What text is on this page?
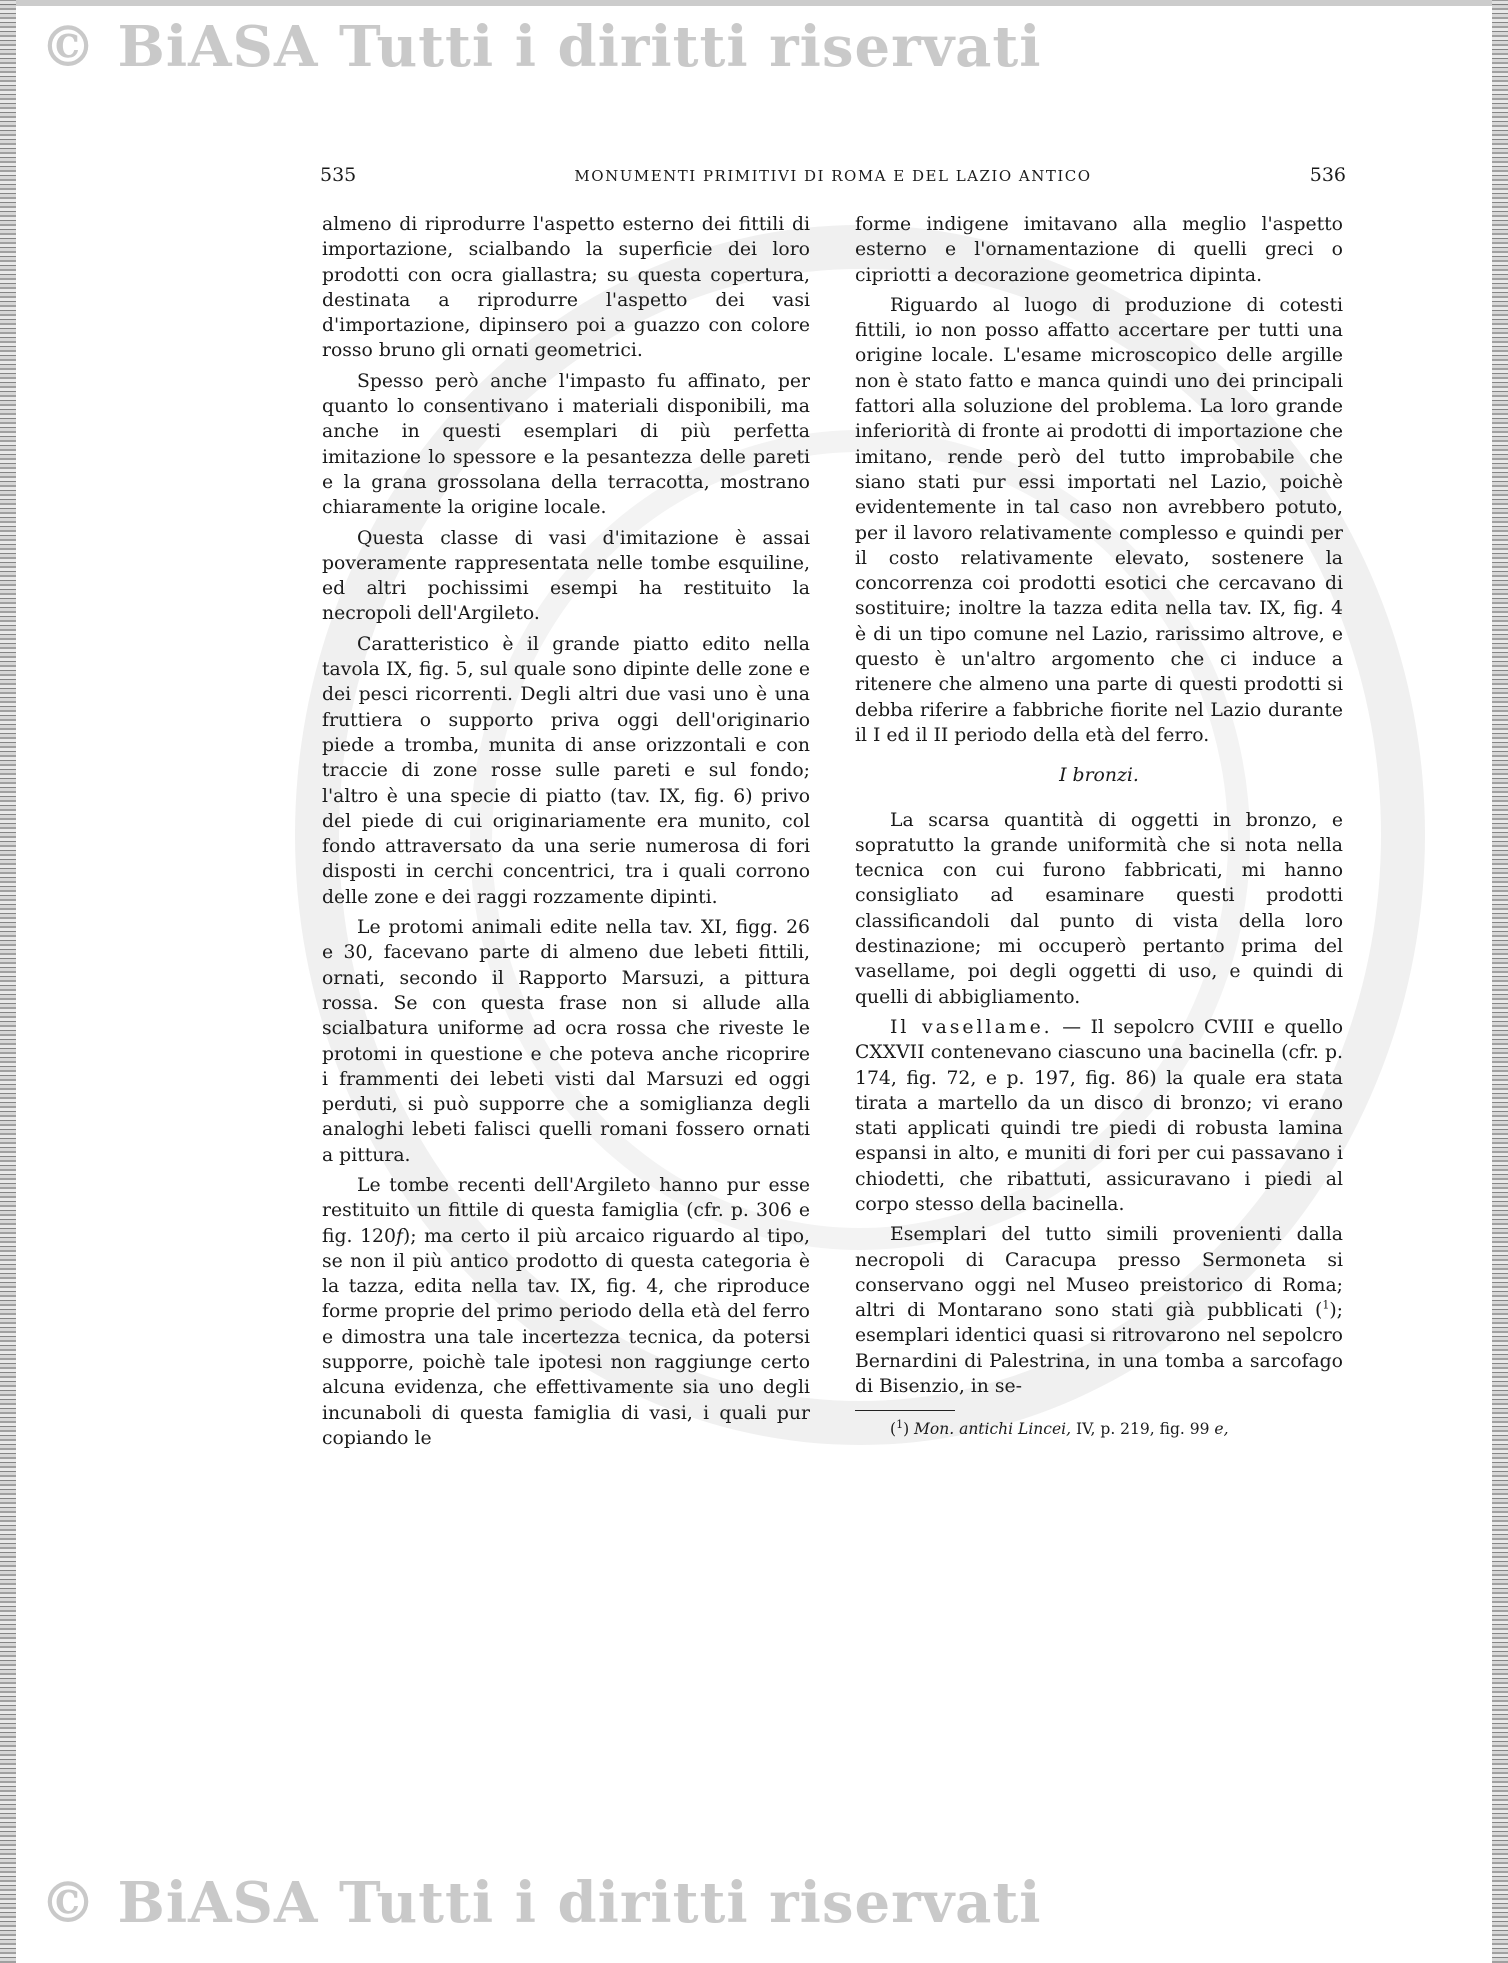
© BiASA Tutti i diritti riservati
535	MONUMENTI PRIMITIVI DI ROMA E DEL LAZIO ANTICO	536

almeno di riprodurre l'aspetto esterno dei fittili di importazione, scialbando la superficie dei loro prodotti con ocra giallastra; su questa copertura, destinata a riprodurre l'aspetto dei vasi d'importazione, dipinsero poi a guazzo con colore rosso bruno gli ornati geometrici.

Spesso però anche l'impasto fu affinato, per quanto lo consentivano i materiali disponibili, ma anche in questi esemplari di più perfetta imitazione lo spessore e la pesantezza delle pareti e la grana grossolana della terracotta, mostrano chiaramente la origine locale.

Questa classe di vasi d'imitazione è assai poveramente rappresentata nelle tombe esquiline, ed altri pochissimi esempi ha restituito la necropoli dell'Argileto.

Caratteristico è il grande piatto edito nella tavola IX, fig. 5, sul quale sono dipinte delle zone e dei pesci ricorrenti. Degli altri due vasi uno è una fruttiera o supporto priva oggi dell'originario piede a tromba, munita di anse orizzontali e con traccie di zone rosse sulle pareti e sul fondo; l'altro è una specie di piatto (tav. IX, fig. 6) privo del piede di cui originariamente era munito, col fondo attraversato da una serie numerosa di fori disposti in cerchi concentrici, tra i quali corrono delle zone e dei raggi rozzamente dipinti.

Le protomi animali edite nella tav. XI, figg. 26 e 30, facevano parte di almeno due lebeti fittili, ornati, secondo il Rapporto Marsuzi, a pittura rossa. Se con questa frase non si allude alla scialbatura uniforme ad ocra rossa che riveste le protomi in questione e che poteva anche ricoprire i frammenti dei lebeti visti dal Marsuzi ed oggi perduti, si può supporre che a somiglianza degli analoghi lebeti falisci quelli romani fossero ornati a pittura.

Le tombe recenti dell'Argileto hanno pur esse restituito un fittile di questa famiglia (cfr. p. 306 e fig. 120f); ma certo il più arcaico riguardo al tipo, se non il più antico prodotto di questa categoria è la tazza, edita nella tav. IX, fig. 4, che riproduce forme proprie del primo periodo della età del ferro e dimostra una tale incertezza tecnica, da potersi supporre, poichè tale ipotesi non raggiunge certo alcuna evidenza, che effettivamente sia uno degli incunaboli di questa famiglia di vasi, i quali pur copiando le

forme indigene imitavano alla meglio l'aspetto esterno e l'ornamentazione di quelli greci o cipriotti a decorazione geometrica dipinta.

Riguardo al luogo di produzione di cotesti fittili, io non posso affatto accertare per tutti una origine locale. L'esame microscopico delle argille non è stato fatto e manca quindi uno dei principali fattori alla soluzione del problema. La loro grande inferiorità di fronte ai prodotti di importazione che imitano, rende però del tutto improbabile che siano stati pur essi importati nel Lazio, poichè evidentemente in tal caso non avrebbero potuto, per il lavoro relativamente complesso e quindi per il costo relativamente elevato, sostenere la concorrenza coi prodotti esotici che cercavano di sostituire; inoltre la tazza edita nella tav. IX, fig. 4 è di un tipo comune nel Lazio, rarissimo altrove, e questo è un'altro argomento che ci induce a ritenere che almeno una parte di questi prodotti si debba riferire a fabbriche fiorite nel Lazio durante il I ed il II periodo della età del ferro.

I bronzi.

La scarsa quantità di oggetti in bronzo, e sopratutto la grande uniformità che si nota nella tecnica con cui furono fabbricati, mi hanno consigliato ad esaminare questi prodotti classificandoli dal punto di vista della loro destinazione; mi occuperò pertanto prima del vasellame, poi degli oggetti di uso, e quindi di quelli di abbigliamento.

Il vasellame. — Il sepolcro CVIII e quello CXXVII contenevano ciascuno una bacinella (cfr. p. 174, fig. 72, e p. 197, fig. 86) la quale era stata tirata a martello da un disco di bronzo; vi erano stati applicati quindi tre piedi di robusta lamina espansi in alto, e muniti di fori per cui passavano i chiodetti, che ribattuti, assicuravano i piedi al corpo stesso della bacinella.

Esemplari del tutto simili provenienti dalla necropoli di Caracupa presso Sermoneta si conservano oggi nel Museo preistorico di Roma; altri di Montarano sono stati già pubblicati ($^1$); esemplari identici quasi si ritrovarono nel sepolcro Bernardini di Palestrina, in una tomba a sarcofago di Bisenzio, in se-

($^1$) Mon. antichi Lincei, IV, p. 219, fig. 99 e,

© BiASA Tutti i diritti riservati
